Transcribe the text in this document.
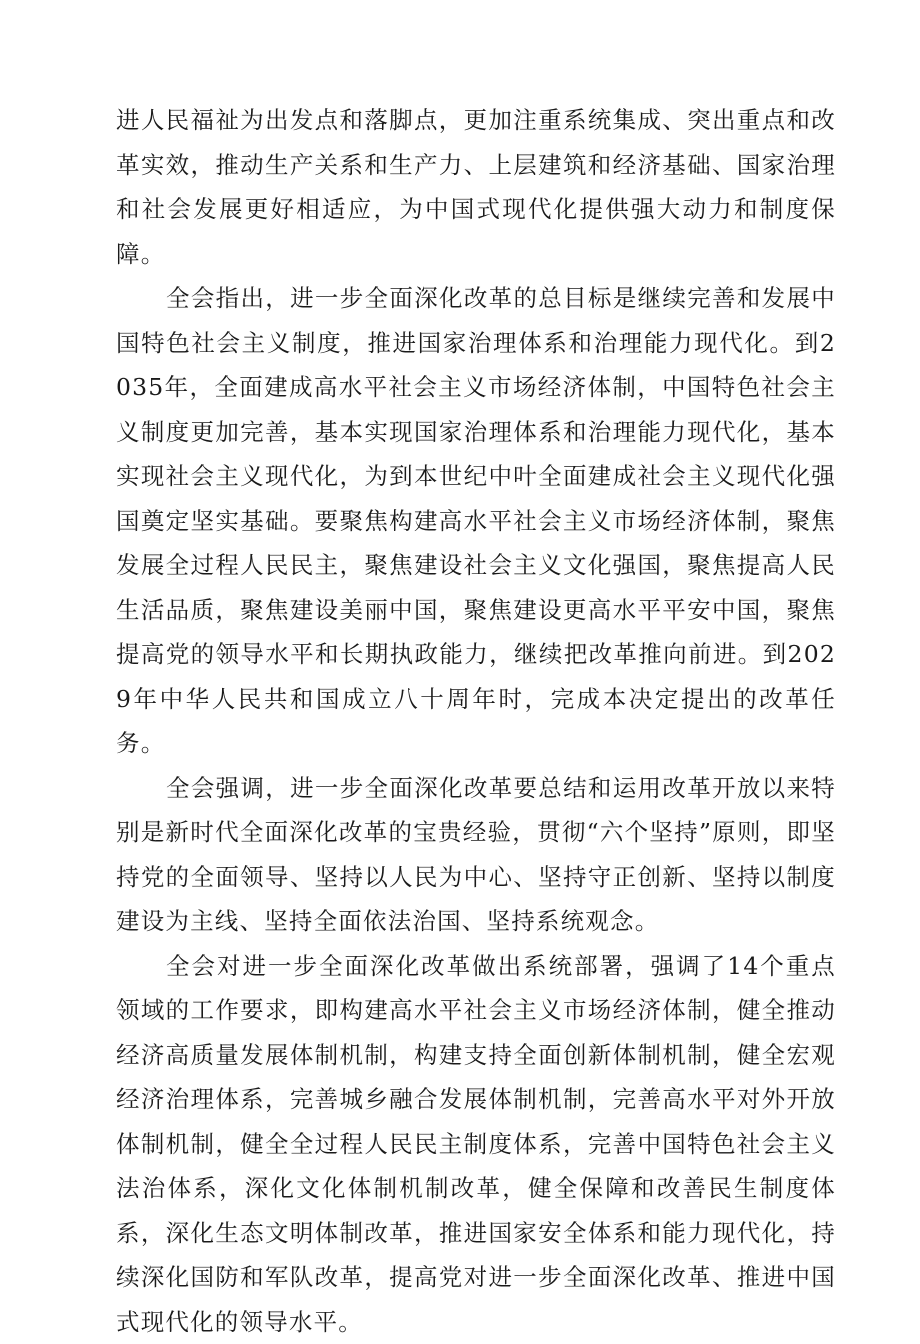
进人民福祉为出发点和落脚点，更加注重系统集成、突出重点和改革实效，推动生产关系和生产力、上层建筑和经济基础、国家治理和社会发展更好相适应，为中国式现代化提供强大动力和制度保障。

全会指出，进一步全面深化改革的总目标是继续完善和发展中国特色社会主义制度，推进国家治理体系和治理能力现代化。到2035年，全面建成高水平社会主义市场经济体制，中国特色社会主义制度更加完善，基本实现国家治理体系和治理能力现代化，基本实现社会主义现代化，为到本世纪中叶全面建成社会主义现代化强国奠定坚实基础。要聚焦构建高水平社会主义市场经济体制，聚焦发展全过程人民民主，聚焦建设社会主义文化强国，聚焦提高人民生活品质，聚焦建设美丽中国，聚焦建设更高水平平安中国，聚焦提高党的领导水平和长期执政能力，继续把改革推向前进。到2029年中华人民共和国成立八十周年时，完成本决定提出的改革任务。

全会强调，进一步全面深化改革要总结和运用改革开放以来特别是新时代全面深化改革的宝贵经验，贯彻“六个坚持”原则，即坚持党的全面领导、坚持以人民为中心、坚持守正创新、坚持以制度建设为主线、坚持全面依法治国、坚持系统观念。

全会对进一步全面深化改革做出系统部署，强调了14个重点领域的工作要求，即构建高水平社会主义市场经济体制，健全推动经济高质量发展体制机制，构建支持全面创新体制机制，健全宏观经济治理体系，完善城乡融合发展体制机制，完善高水平对外开放体制机制，健全全过程人民民主制度体系，完善中国特色社会主义法治体系，深化文化体制机制改革，健全保障和改善民生制度体系，深化生态文明体制改革，推进国家安全体系和能力现代化，持续深化国防和军队改革，提高党对进一步全面深化改革、推进中国式现代化的领导水平。
